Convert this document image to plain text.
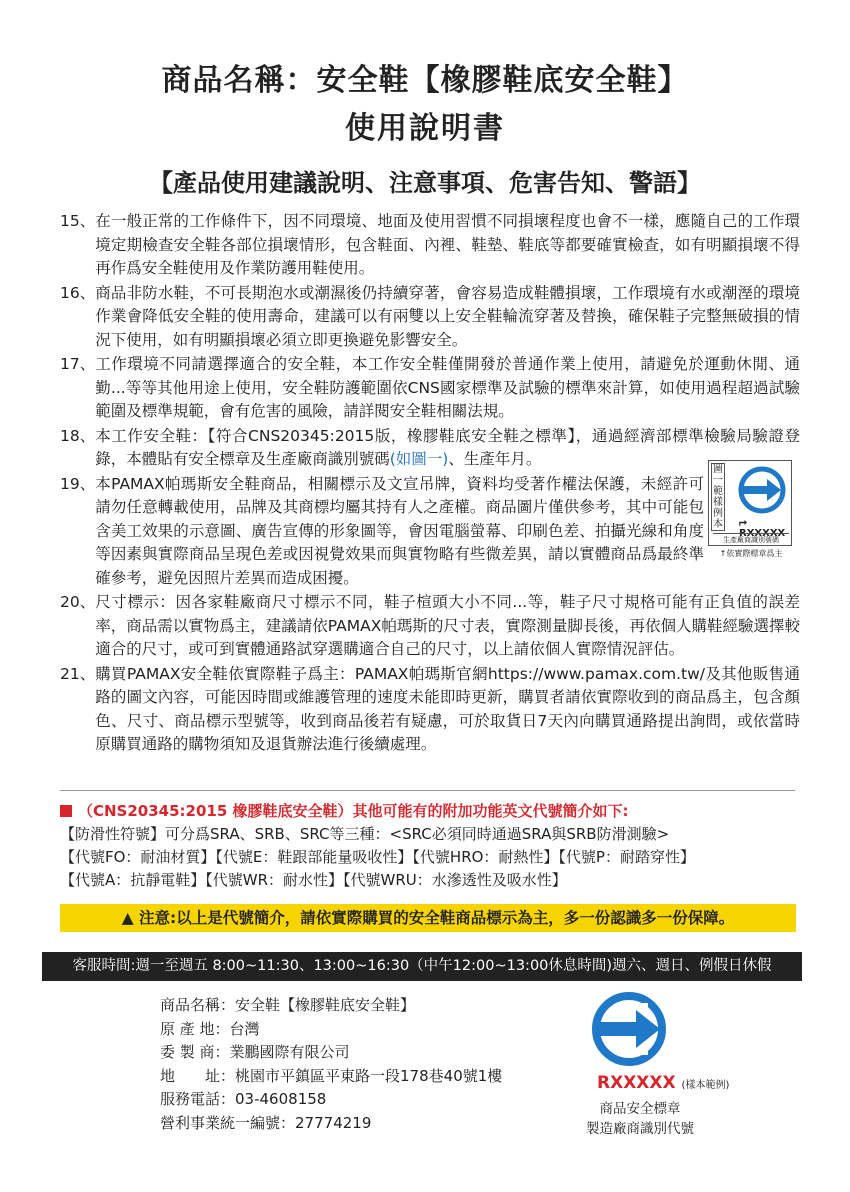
商品名稱：安全鞋【橡膠鞋底安全鞋】
使用說明書
【產品使用建議說明、注意事項、危害告知、警語】
15、 在一般正常的工作條件下，因不同環境、地面及使用習慣不同損壞程度也會不一樣，應隨自己的工作環境定期檢查安全鞋各部位損壞情形，包含鞋面、內裡、鞋墊、鞋底等都要確實檢查，如有明顯損壞不得再作爲安全鞋使用及作業防護用鞋使用。
16、 商品非防水鞋，不可長期泡水或潮濕後仍持續穿著，會容易造成鞋體損壞，工作環境有水或潮溼的環境作業會降低安全鞋的使用壽命，建議可以有兩雙以上安全鞋輪流穿著及替換，確保鞋子完整無破損的情況下使用，如有明顯損壞必須立即更換避免影響安全。
17、 工作環境不同請選擇適合的安全鞋，本工作安全鞋僅開發於普通作業上使用，請避免於運動休閒、通勤...等等其他用途上使用，安全鞋防護範圍依CNS國家標準及試驗的標準來計算，如使用過程超過試驗範圍及標準規範，會有危害的風險，請詳閱安全鞋相關法規。
18、 本工作安全鞋：【符合CNS20345:2015版，橡膠鞋底安全鞋之標準】，通過經濟部標準檢驗局驗證登錄，本體貼有安全標章及生產廠商識別號碼(如圖一)、生產年月。
19、 本PAMAX帕瑪斯安全鞋商品，相關標示及文宣吊牌，資料均受著作權法保護，未經許可請勿任意轉載使用，品牌及其商標均屬其持有人之產權。商品圖片僅供參考，其中可能包含美工效果的示意圖、廣告宣傳的形象圖等，會因電腦螢幕、印刷色差、拍攝光線和角度等因素與實際商品呈現色差或因視覺效果而與實物略有些微差異，請以實體商品爲最終準確參考，避免因照片差異而造成困擾。
20、 尺寸標示：因各家鞋廠商尺寸標示不同，鞋子楦頭大小不同...等，鞋子尺寸規格可能有正負值的誤差率，商品需以實物爲主，建議請依PAMAX帕瑪斯的尺寸表，實際測量脚長後，再依個人購鞋經驗選擇較適合的尺寸，或可到實體通路試穿選購適合自己的尺寸，以上請依個人實際情況評估。
21、 購買PAMAX安全鞋依實際鞋子爲主：PAMAX帕瑪斯官網https://www.pamax.com.tw/及其他販售通路的圖文內容，可能因時間或維護管理的速度未能即時更新，購買者請依實際收到的商品爲主，包含顏色、尺寸、商品標示型號等，收到商品後若有疑慮，可於取貨日7天內向購買通路提出詢問，或依當時原購買通路的購物須知及退貨辦法進行後續處理。
圖
一
範
樣
例
本 ⮣ RXXXXX
生產廠商識別號碼
↑依實際標章爲主
（CNS20345:2015 橡膠鞋底安全鞋）其他可能有的附加功能英文代號簡介如下:
【防滑性符號】可分爲SRA、SRB、SRC等三種：<SRC必須同時通過SRA與SRB防滑測驗>
【代號FO：耐油材質】【代號E：鞋跟部能量吸收性】【代號HRO：耐熱性】【代號P：耐踏穿性】
【代號A：抗靜電鞋】【代號WR：耐水性】【代號WRU：水滲透性及吸水性】
▲ 注意:以上是代號簡介，請依實際購買的安全鞋商品標示為主，多一份認識多一份保障。
客服時間:週一至週五 8:00~11:30、13:00~16:30（中午12:00~13:00休息時間)週六、週日、例假日休假
商品名稱： 安全鞋【橡膠鞋底安全鞋】
原 產 地： 台灣
委 製 商： 業鵬國際有限公司
地　　址： 桃園市平鎮區平東路一段178巷40號1樓
服務電話： 03-4608158
營利事業統一編號： 27774219
RXXXXX (樣本範例)
商品安全標章
製造廠商識別代號
